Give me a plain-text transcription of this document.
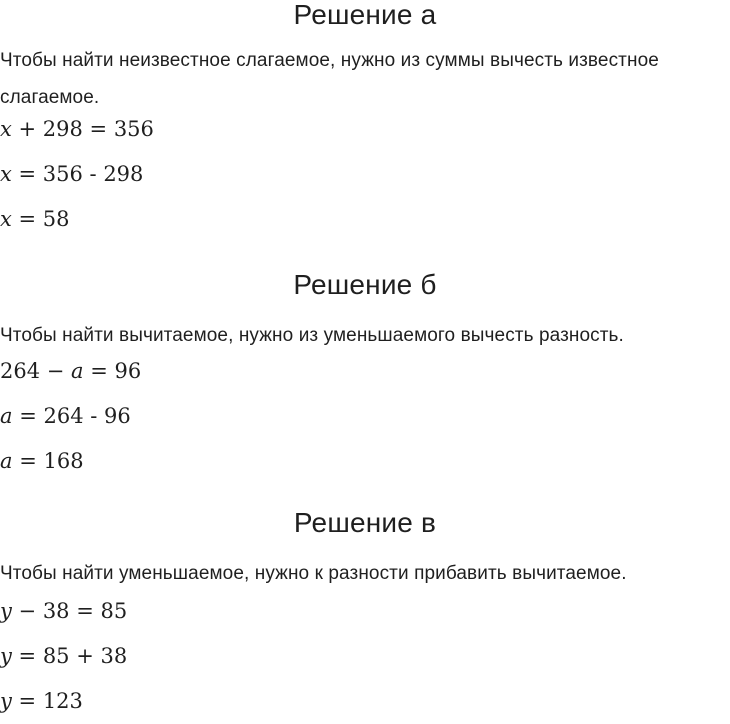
Решение а

Чтобы найти неизвестное слагаемое, нужно из суммы вычесть известное слагаемое.

x + 298 = 356

x = 356 - 298

x = 58

Решение б

Чтобы найти вычитаемое, нужно из уменьшаемого вычесть разность.

264 − a = 96

a = 264 - 96

a = 168

Решение в

Чтобы найти уменьшаемое, нужно к разности прибавить вычитаемое.

y − 38 = 85

y = 85 + 38

y = 123
